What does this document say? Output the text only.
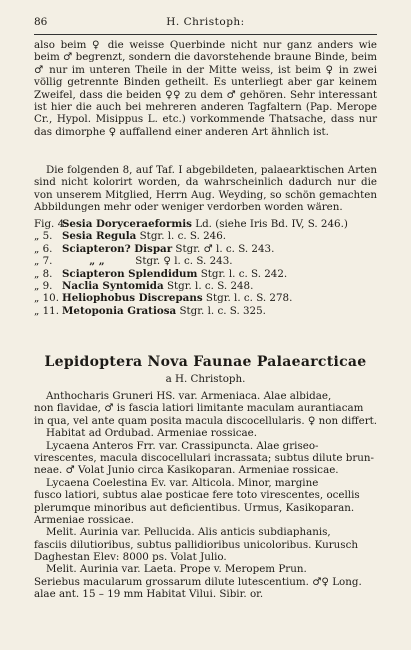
86	H. Christoph:

also beim ♀ die weisse Querbinde nicht nur ganz anders wie beim ♂ begrenzt, sondern die davorstehende braune Binde, beim ♂ nur im unteren Theile in der Mitte weiss, ist beim ♀ in zwei völlig getrennte Binden getheilt. Es unterliegt aber gar keinem Zweifel, dass die beiden ♀♀ zu dem ♂ gehören. Sehr interessant ist hier die auch bei mehreren anderen Tagfaltern (Pap. Merope Cr., Hypol. Misippus L. etc.) vorkommende Thatsache, dass nur das dimorphe ♀ auffallend einer anderen Art ähnlich ist.

Die folgenden 8, auf Taf. I abgebildeten, palaearktischen Arten sind nicht kolorirt worden, da wahrscheinlich dadurch nur die von unserem Mitglied, Herrn Aug. Weyding, so schön gemachten Abbildungen mehr oder weniger verdorben worden wären.

Fig. 4.Sesia Doryceraeformis Ld. (siehe Iris Bd. IV, S. 246.)
„ 5. Sesia Regula Stgr. l. c. S. 246.
„ 6. Sciapteron? Dispar Stgr. ♂ l. c. S. 243.
„ 7.	„ „	Stgr. ♀ l. c. S. 243.
„ 8. Sciapteron Splendidum Stgr. l. c. S. 242.
„ 9. Naclia Syntomida Stgr. l. c. S. 248.
„ 10. Heliophobus Discrepans Stgr. l. c. S. 278.
„ 11. Metoponia Gratiosa Stgr. l. c. S. 325.
Lepidoptera Nova Faunae Palaearcticae
a H. Christoph.
Anthocharis Gruneri HS. var. Armeniaca. Alae albidae,
non flavidae, ♂ is fascia latiori limitante maculam aurantiacam
in qua, vel ante quam posita macula discocellularis. ♀ non differt.
Habitat ad Ordubad. Armeniae rossicae.
Lycaena Anteros Frr. var. Crassipuncta. Alae griseo-
virescentes, macula discocellulari incrassata; subtus dilute brun-
neae. ♂ Volat Junio circa Kasikoparan. Armeniae rossicae.
Lycaena Coelestina Ev. var. Alticola. Minor, margine
fusco latiori, subtus alae posticae fere toto virescentes, ocellis
plerumque minoribus aut deficientibus. Urmus, Kasikoparan.
Armeniae rossicae.
Melit. Aurinia var. Pellucida. Alis anticis subdiaphanis,
fasciis dilutioribus, subtus pallidioribus unicoloribus. Kurusch
Daghestan Elev: 8000 ps. Volat Julio.
Melit. Aurinia var. Laeta. Prope v. Meropem Prun.
Seriebus macularum grossarum dilute lutescentium. ♂♀ Long.
alae ant. 15 – 19 mm Habitat Vilui. Sibir. or.
